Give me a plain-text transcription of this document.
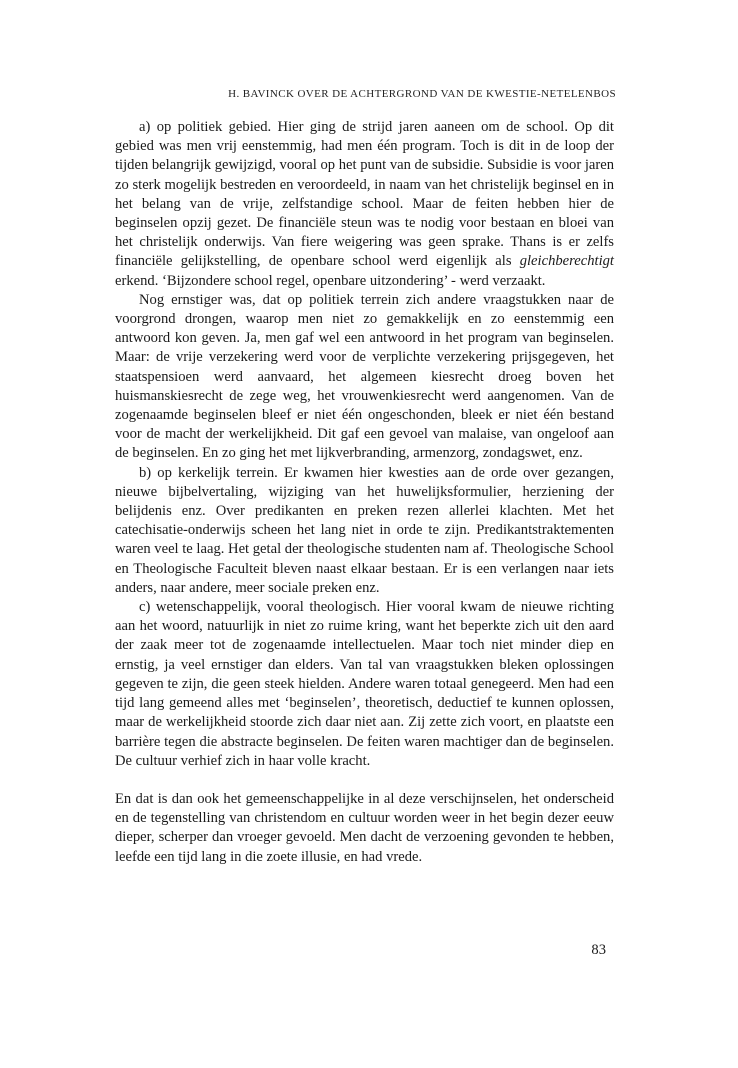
H. BAVINCK OVER DE ACHTERGROND VAN DE KWESTIE-NETELENBOS

a) op politiek gebied. Hier ging de strijd jaren aaneen om de school. Op dit gebied was men vrij eenstemmig, had men één program. Toch is dit in de loop der tijden belangrijk gewijzigd, vooral op het punt van de subsidie. Subsidie is voor jaren zo sterk mogelijk bestreden en veroordeeld, in naam van het christelijk beginsel en in het belang van de vrije, zelfstandige school. Maar de feiten hebben hier de beginselen opzij gezet. De financiële steun was te nodig voor bestaan en bloei van het christelijk onderwijs. Van fiere weigering was geen sprake. Thans is er zelfs financiële gelijkstelling, de openbare school werd eigenlijk als gleichberechtigt erkend. ‘Bijzondere school regel, openbare uitzondering’ - werd verzaakt.

Nog ernstiger was, dat op politiek terrein zich andere vraagstukken naar de voorgrond drongen, waarop men niet zo gemakkelijk en zo eenstemmig een antwoord kon geven. Ja, men gaf wel een antwoord in het program van beginselen. Maar: de vrije verzekering werd voor de verplichte verzekering prijsgegeven, het staatspensioen werd aanvaard, het algemeen kiesrecht droeg boven het huismanskiesrecht de zege weg, het vrouwenkiesrecht werd aangenomen. Van de zogenaamde beginselen bleef er niet één ongeschonden, bleek er niet één bestand voor de macht der werkelijkheid. Dit gaf een gevoel van malaise, van ongeloof aan de beginselen. En zo ging het met lijkverbranding, armenzorg, zondagswet, enz.

b) op kerkelijk terrein. Er kwamen hier kwesties aan de orde over gezangen, nieuwe bijbelvertaling, wijziging van het huwelijksformulier, herziening der belijdenis enz. Over predikanten en preken rezen allerlei klachten. Met het catechisatie-onderwijs scheen het lang niet in orde te zijn. Predikantstraktementen waren veel te laag. Het getal der theologische studenten nam af. Theologische School en Theologische Faculteit bleven naast elkaar bestaan. Er is een verlangen naar iets anders, naar andere, meer sociale preken enz.

c) wetenschappelijk, vooral theologisch. Hier vooral kwam de nieuwe richting aan het woord, natuurlijk in niet zo ruime kring, want het beperkte zich uit den aard der zaak meer tot de zogenaamde intellectuelen. Maar toch niet minder diep en ernstig, ja veel ernstiger dan elders. Van tal van vraagstukken bleken oplossingen gegeven te zijn, die geen steek hielden. Andere waren totaal genegeerd. Men had een tijd lang gemeend alles met ‘beginselen’, theoretisch, deductief te kunnen oplossen, maar de werkelijkheid stoorde zich daar niet aan. Zij zette zich voort, en plaatste een barrière tegen die abstracte beginselen. De feiten waren machtiger dan de beginselen. De cultuur verhief zich in haar volle kracht.

En dat is dan ook het gemeenschappelijke in al deze verschijnselen, het onderscheid en de tegenstelling van christendom en cultuur worden weer in het begin dezer eeuw dieper, scherper dan vroeger gevoeld. Men dacht de verzoening gevonden te hebben, leefde een tijd lang in die zoete illusie, en had vrede.

83
